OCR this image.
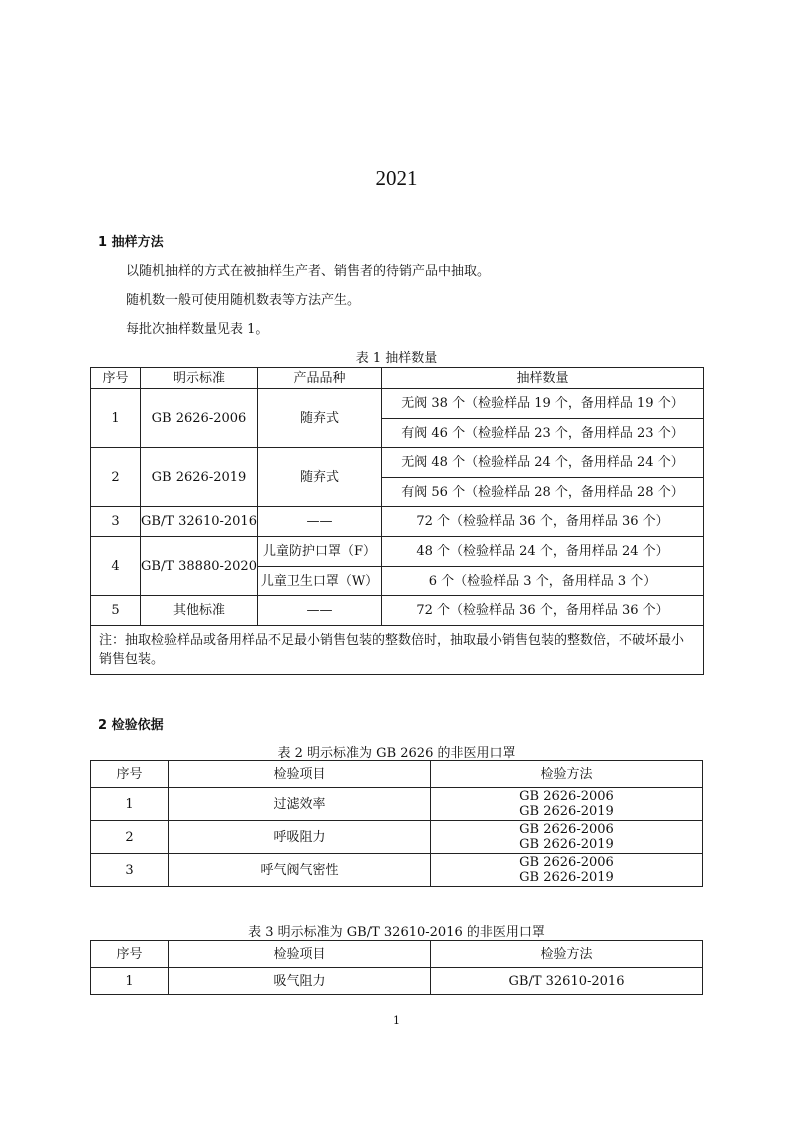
2021
1 抽样方法
以随机抽样的方式在被抽样生产者、销售者的待销产品中抽取。
随机数一般可使用随机数表等方法产生。
每批次抽样数量见表 1。
表 1 抽样数量
序号	明示标准	产品品种	抽样数量
1	GB 2626-2006	随弃式	无阀 38 个（检验样品 19 个，备用样品 19 个）
			有阀 46 个（检验样品 23 个，备用样品 23 个）
2	GB 2626-2019	随弃式	无阀 48 个（检验样品 24 个，备用样品 24 个）
			有阀 56 个（检验样品 28 个，备用样品 28 个）
3	GB/T 32610-2016	——	72 个（检验样品 36 个，备用样品 36 个）
4	GB/T 38880-2020	儿童防护口罩（F）	48 个（检验样品 24 个，备用样品 24 个）
		儿童卫生口罩（W）	6 个（检验样品 3 个，备用样品 3 个）
5	其他标准	——	72 个（检验样品 36 个，备用样品 36 个）
注：抽取检验样品或备用样品不足最小销售包装的整数倍时，抽取最小销售包装的整数倍，不破坏最小销售包装。			
2 检验依据
表 2 明示标准为 GB 2626 的非医用口罩
序号	检验项目	检验方法
1	过滤效率	GB 2626-2006
GB 2626-2019

2	呼吸阻力	GB 2626-2006
GB 2626-2019

3	呼气阀气密性	GB 2626-2006
GB 2626-2019
表 3 明示标准为 GB/T 32610-2016 的非医用口罩
序号	检验项目	检验方法
1	吸气阻力	GB/T 32610-2016
1
